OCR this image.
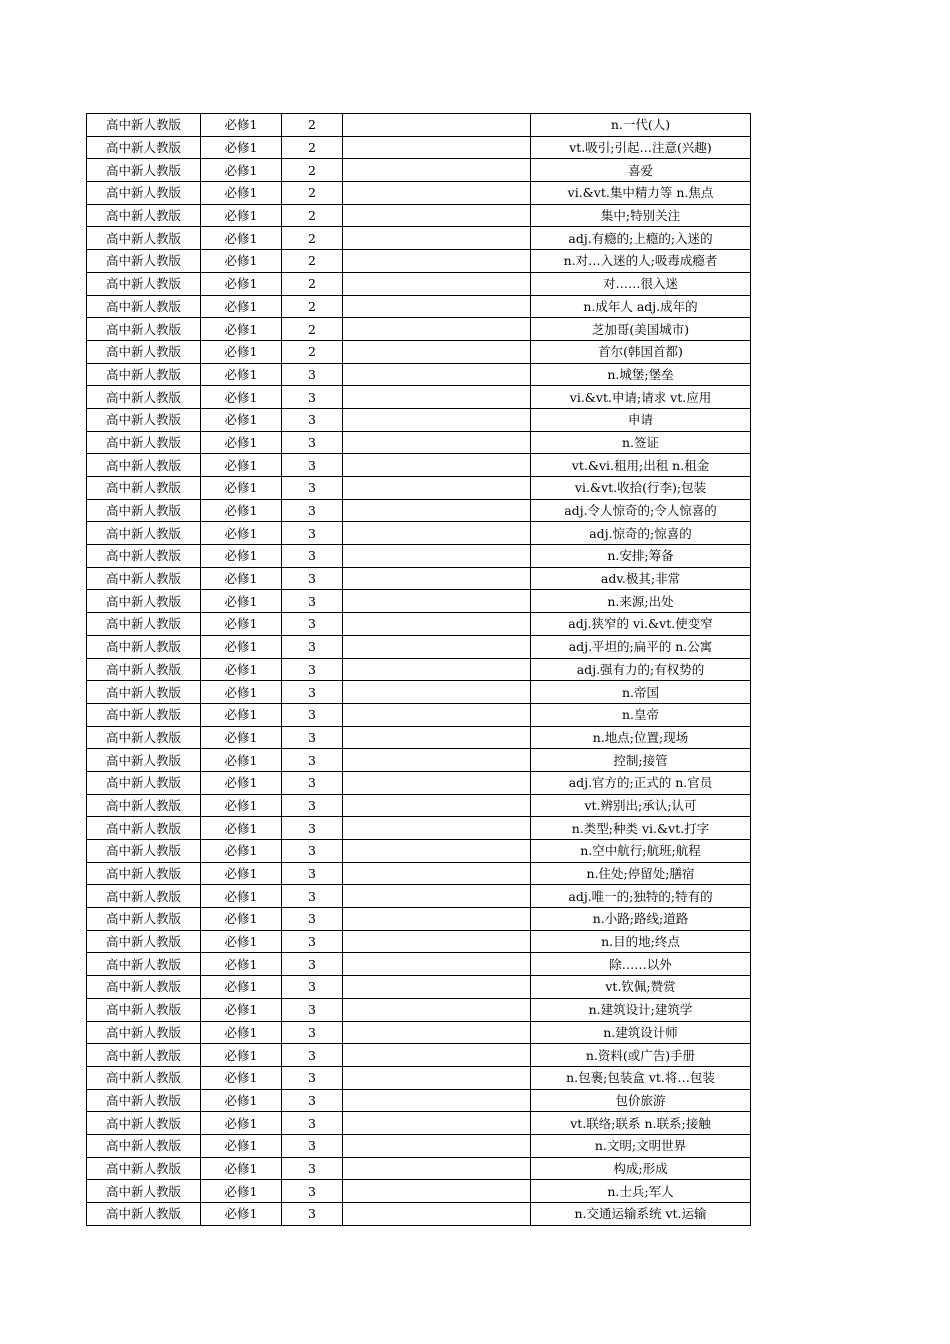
高中新人教版	必修1	2		n.一代(人)
高中新人教版	必修1	2		vt.吸引;引起…注意(兴趣)
高中新人教版	必修1	2		喜爱
高中新人教版	必修1	2		vi.&vt.集中精力等 n.焦点
高中新人教版	必修1	2		集中;特别关注
高中新人教版	必修1	2		adj.有瘾的;上瘾的;入迷的
高中新人教版	必修1	2		n.对…入迷的人;吸毒成瘾者
高中新人教版	必修1	2		对……很入迷
高中新人教版	必修1	2		n.成年人 adj.成年的
高中新人教版	必修1	2		芝加哥(美国城市)
高中新人教版	必修1	2		首尔(韩国首都)
高中新人教版	必修1	3		n.城堡;堡垒
高中新人教版	必修1	3		vi.&vt.申请;请求 vt.应用
高中新人教版	必修1	3		申请
高中新人教版	必修1	3		n.签证
高中新人教版	必修1	3		vt.&vi.租用;出租 n.租金
高中新人教版	必修1	3		vi.&vt.收拾(行李);包装
高中新人教版	必修1	3		adj.令人惊奇的;令人惊喜的
高中新人教版	必修1	3		adj.惊奇的;惊喜的
高中新人教版	必修1	3		n.安排;筹备
高中新人教版	必修1	3		adv.极其;非常
高中新人教版	必修1	3		n.来源;出处
高中新人教版	必修1	3		adj.狭窄的 vi.&vt.使变窄
高中新人教版	必修1	3		adj.平坦的;扁平的 n.公寓
高中新人教版	必修1	3		adj.强有力的;有权势的
高中新人教版	必修1	3		n.帝国
高中新人教版	必修1	3		n.皇帝
高中新人教版	必修1	3		n.地点;位置;现场
高中新人教版	必修1	3		控制;接管
高中新人教版	必修1	3		adj.官方的;正式的 n.官员
高中新人教版	必修1	3		vt.辨别出;承认;认可
高中新人教版	必修1	3		n.类型;种类 vi.&vt.打字
高中新人教版	必修1	3		n.空中航行;航班;航程
高中新人教版	必修1	3		n.住处;停留处;膳宿
高中新人教版	必修1	3		adj.唯一的;独特的;特有的
高中新人教版	必修1	3		n.小路;路线;道路
高中新人教版	必修1	3		n.目的地;终点
高中新人教版	必修1	3		除……以外
高中新人教版	必修1	3		vt.钦佩;赞赏
高中新人教版	必修1	3		n.建筑设计;建筑学
高中新人教版	必修1	3		n.建筑设计师
高中新人教版	必修1	3		n.资料(或广告)手册
高中新人教版	必修1	3		n.包裹;包装盒 vt.将…包装
高中新人教版	必修1	3		包价旅游
高中新人教版	必修1	3		vt.联络;联系 n.联系;接触
高中新人教版	必修1	3		n.文明;文明世界
高中新人教版	必修1	3		构成;形成
高中新人教版	必修1	3		n.士兵;军人
高中新人教版	必修1	3		n.交通运输系统 vt.运输
